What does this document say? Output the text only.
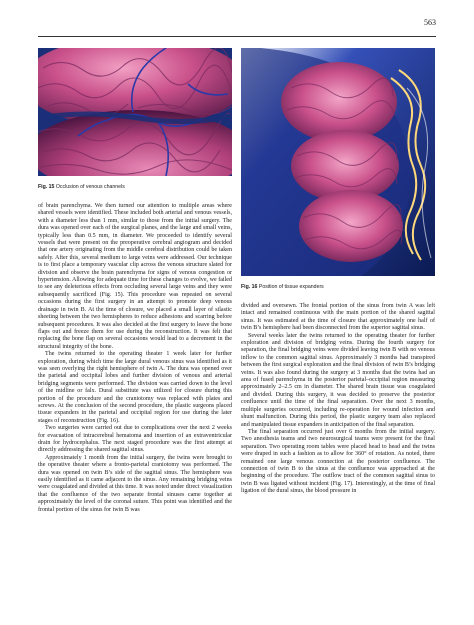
563
Fig. 15 Occlusion of venous channels

of brain parenchyma. We then turned our attention to multiple areas where shared vessels were identified. These included both arterial and venous vessels, with a diameter less than 1 mm, similar to those from the initial surgery. The dura was opened over each of the surgical planes, and the large and small veins, typically less than 0.5 mm, in diameter. We proceeded to identify several vessels that were present on the preoperative cerebral angiogram and decided that one artery originating from the middle cerebral distribution could be taken safely. After this, several medium to large veins were addressed. Our technique is to first place a temporary vascular clip across the venous structure slated for division and observe the brain parenchyma for signs of venous congestion or hypertension. Allowing for adequate time for these changes to evolve, we failed to see any deleterious effects from occluding several large veins and they were subsequently sacrificed (Fig. 15). This procedure was repeated on several occasions during the first surgery in an attempt to promote deep venous drainage in twin B. At the time of closure, we placed a small layer of silastic sheeting between the two hemispheres to reduce adhesions and scarring before subsequent procedures. It was also decided at the first surgery to leave the bone flaps out and freeze them for use during the reconstruction. It was felt that replacing the bone flap on several occasions would lead to a decrement in the structural integrity of the bone.

The twins returned to the operating theater 1 week later for further exploration, during which time the large dural venous sinus was identified as it was seen overlying the right hemisphere of twin A. The dura was opened over the parietal and occipital lobes and further division of venous and arterial bridging segments were performed. The division was carried down to the level of the midline or falx. Dural substitute was utilized for closure during this portion of the procedure and the craniotomy was replaced with plates and screws. At the conclusion of the second procedure, the plastic surgeons placed tissue expanders in the parietal and occipital region for use during the later stages of reconstruction (Fig. 16).

Two surgeries were carried out due to complications over the next 2 weeks for evacuation of intracerebral hematoma and insertion of an extraventricular drain for hydrocephalus. The next staged procedure was the first attempt at directly addressing the shared sagittal sinus.

Approximately 1 month from the initial surgery, the twins were brought to the operative theater where a fronto-parietal craniotomy was performed. The dura was opened on twin B’s side of the sagittal sinus. The hemisphere was easily identified as it came adjacent to the sinus. Any remaining bridging veins were coagulated and divided at this time. It was noted under direct visualization that the confluence of the two separate frontal sinuses came together at approximately the level of the coronal suture. This point was identified and the frontal portion of the sinus for twin B was

Fig. 16 Position of tissue expanders

divided and oversewn. The frontal portion of the sinus from twin A was left intact and remained continuous with the main portion of the shared sagittal sinus. It was estimated at the time of closure that approximately one half of twin B’s hemisphere had been disconnected from the superior sagittal sinus.

Several weeks later the twins returned to the operating theater for further exploration and division of bridging veins. During the fourth surgery for separation, the final bridging veins were divided leaving twin B with no venous inflow to the common sagittal sinus. Approximately 3 months had transpired between the first surgical exploration and the final division of twin B’s bridging veins. It was also found during the surgery at 3 months that the twins had an area of fused parenchyma in the posterior parietal–occipital region measuring approximately 2–2.5 cm in diameter. The shared brain tissue was coagulated and divided. During this surgery, it was decided to preserve the posterior confluence until the time of the final separation. Over the next 3 months, multiple surgeries occurred, including re-operation for wound infection and shunt malfunction. During this period, the plastic surgery team also replaced and manipulated tissue expanders in anticipation of the final separation.

The final separation occurred just over 6 months from the initial surgery. Two anesthesia teams and two neurosurgical teams were present for the final separation. Two operating room tables were placed head to head and the twins were draped in such a fashion as to allow for 360° of rotation. As noted, there remained one large venous connection at the posterior confluence. The connection of twin B to the sinus at the confluence was approached at the beginning of the procedure. The outflow tract of the common sagittal sinus to twin B was ligated without incident (Fig. 17). Interestingly, at the time of final ligation of the dural sinus, the blood pressure in
